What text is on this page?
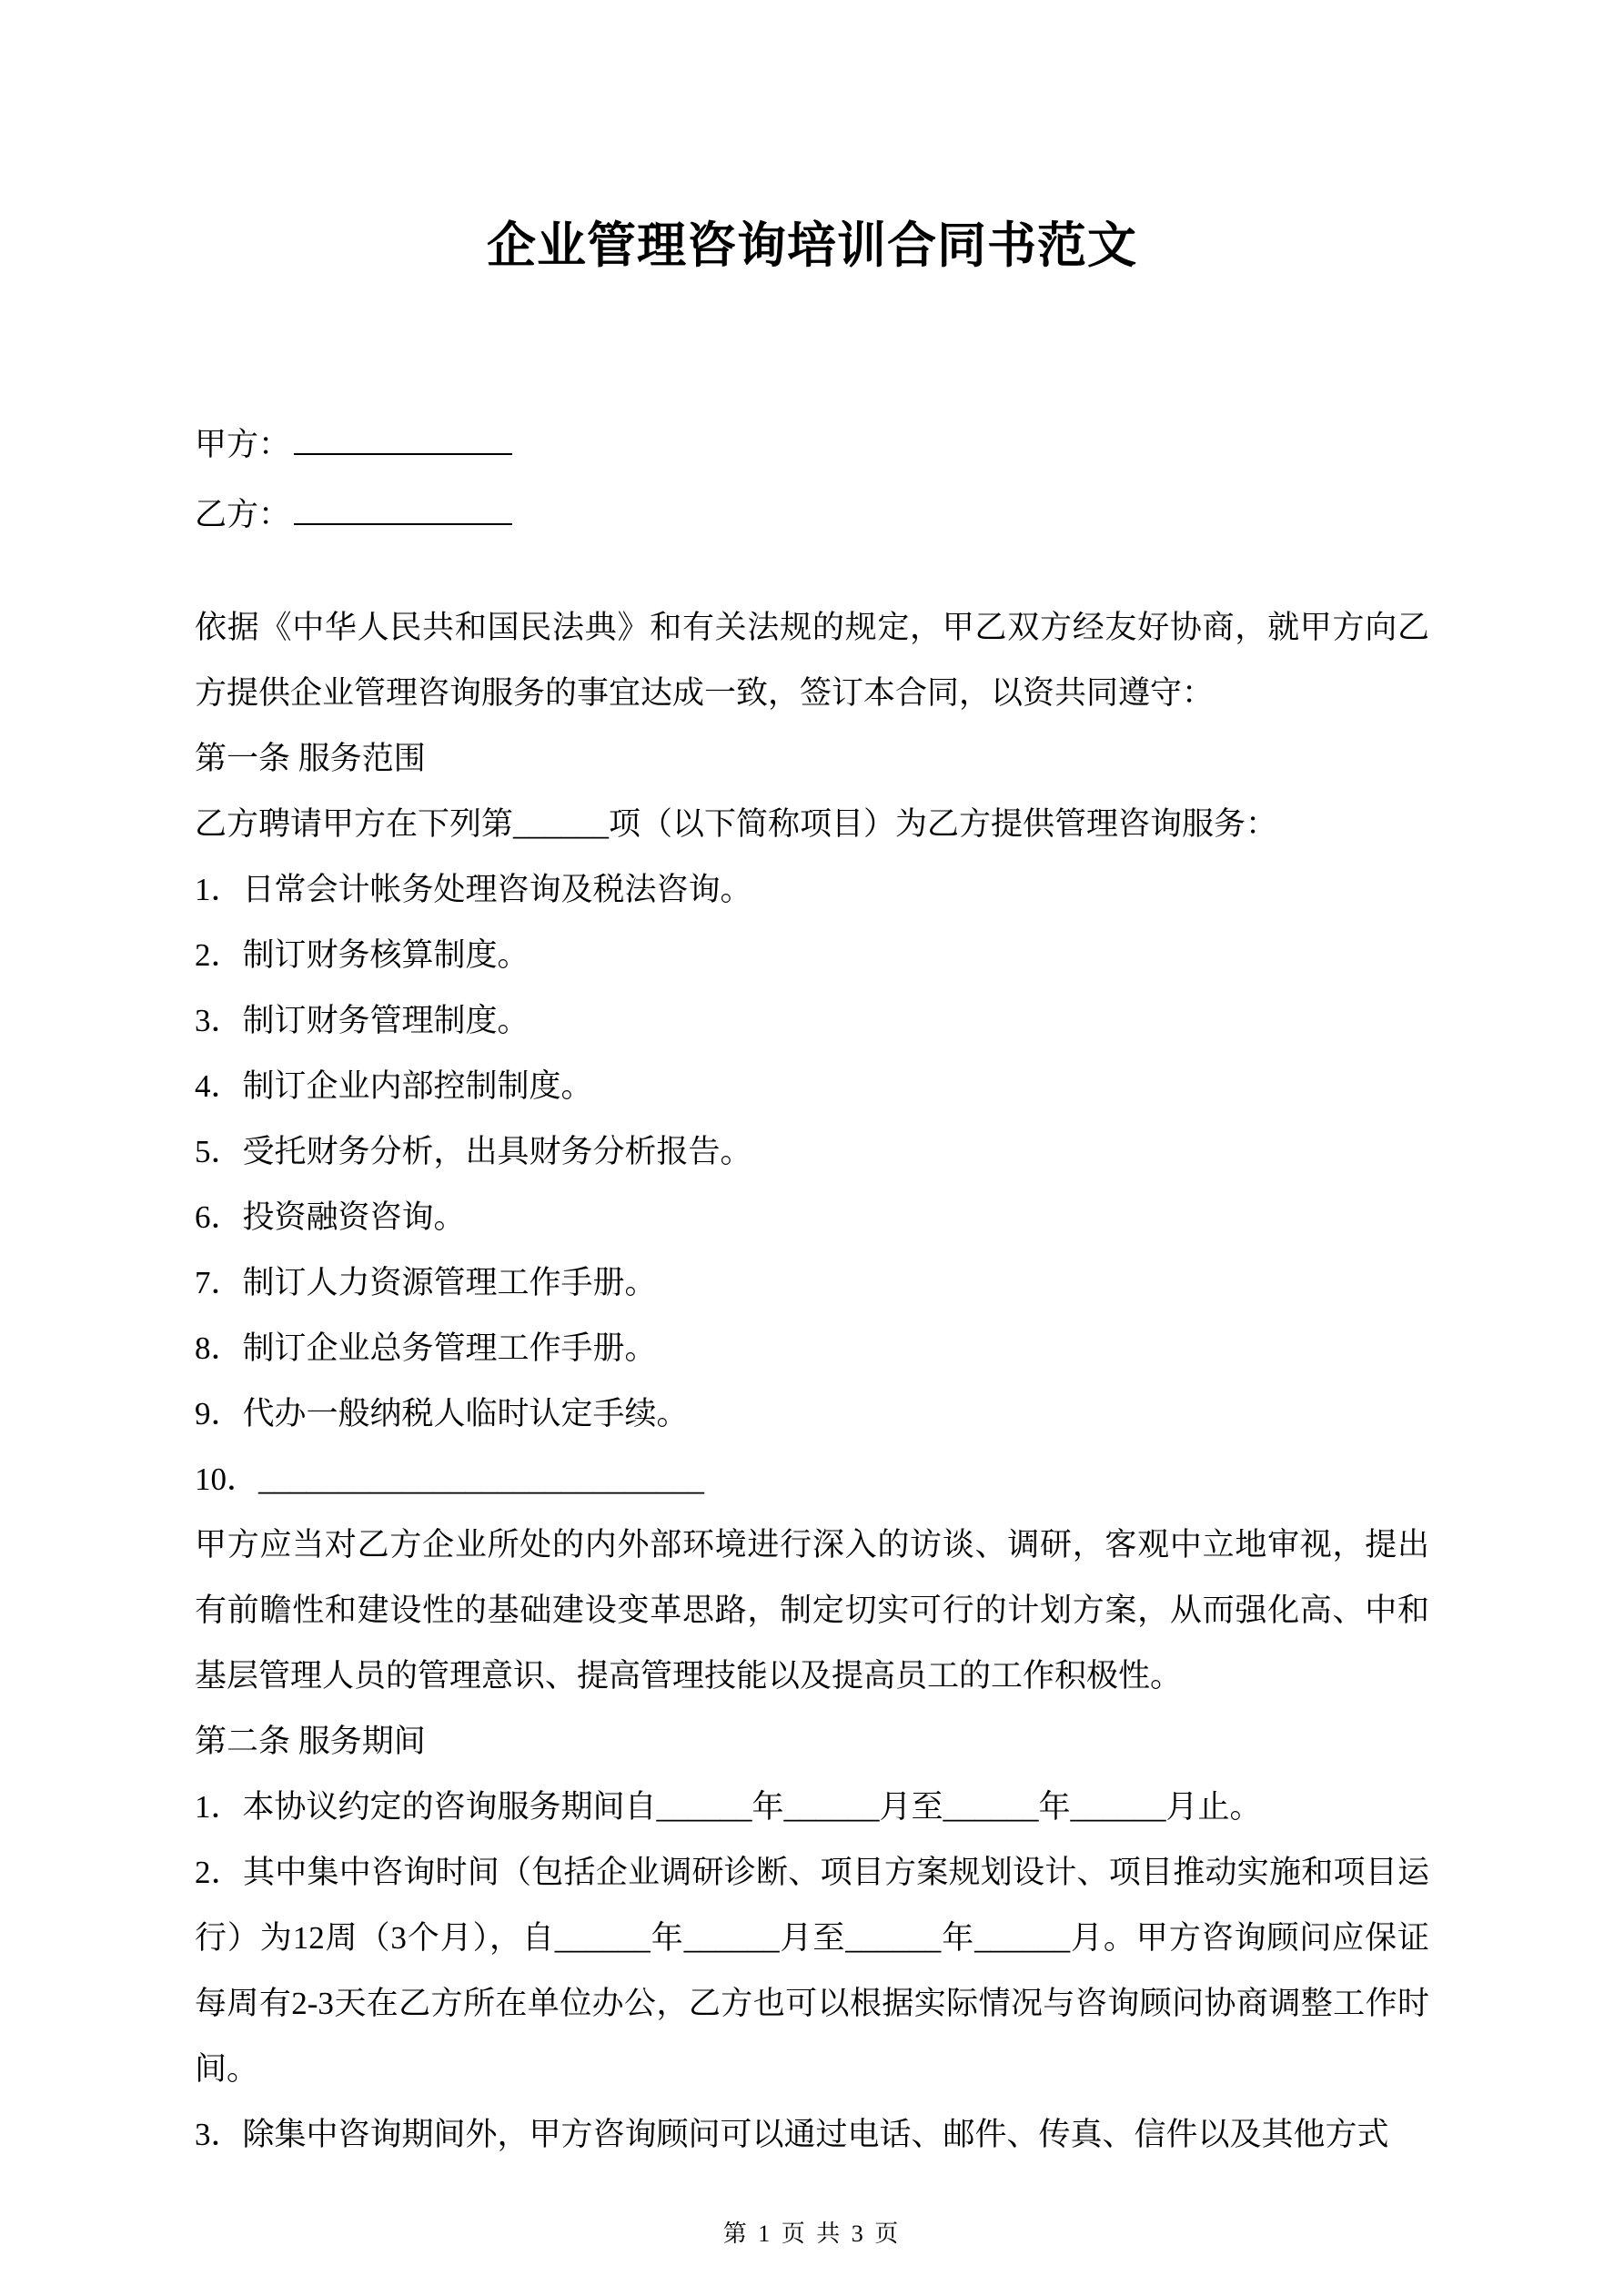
企业管理咨询培训合同书范文
甲方：
乙方：

依据《中华人民共和国民法典》和有关法规的规定，甲乙双方经友好协商，就甲方向乙方提供企业管理咨询服务的事宜达成一致，签订本合同，以资共同遵守：

第一条 服务范围

乙方聘请甲方在下列第______项（以下简称项目）为乙方提供管理咨询服务：

1．日常会计帐务处理咨询及税法咨询。

2．制订财务核算制度。

3．制订财务管理制度。

4．制订企业内部控制制度。

5．受托财务分析，出具财务分析报告。

6．投资融资咨询。

7．制订人力资源管理工作手册。

8．制订企业总务管理工作手册。

9．代办一般纳税人临时认定手续。

10．____________________________

甲方应当对乙方企业所处的内外部环境进行深入的访谈、调研，客观中立地审视，提出有前瞻性和建设性的基础建设变革思路，制定切实可行的计划方案，从而强化高、中和基层管理人员的管理意识、提高管理技能以及提高员工的工作积极性。

第二条 服务期间

1．本协议约定的咨询服务期间自______年______月至______年______月止。

2．其中集中咨询时间（包括企业调研诊断、项目方案规划设计、项目推动实施和项目运行）为12周（3个月），自______年______月至______年______月。甲方咨询顾问应保证每周有2-3天在乙方所在单位办公，乙方也可以根据实际情况与咨询顾问协商调整工作时间。

3．除集中咨询期间外，甲方咨询顾问可以通过电话、邮件、传真、信件以及其他方式

第 1 页 共 3 页
